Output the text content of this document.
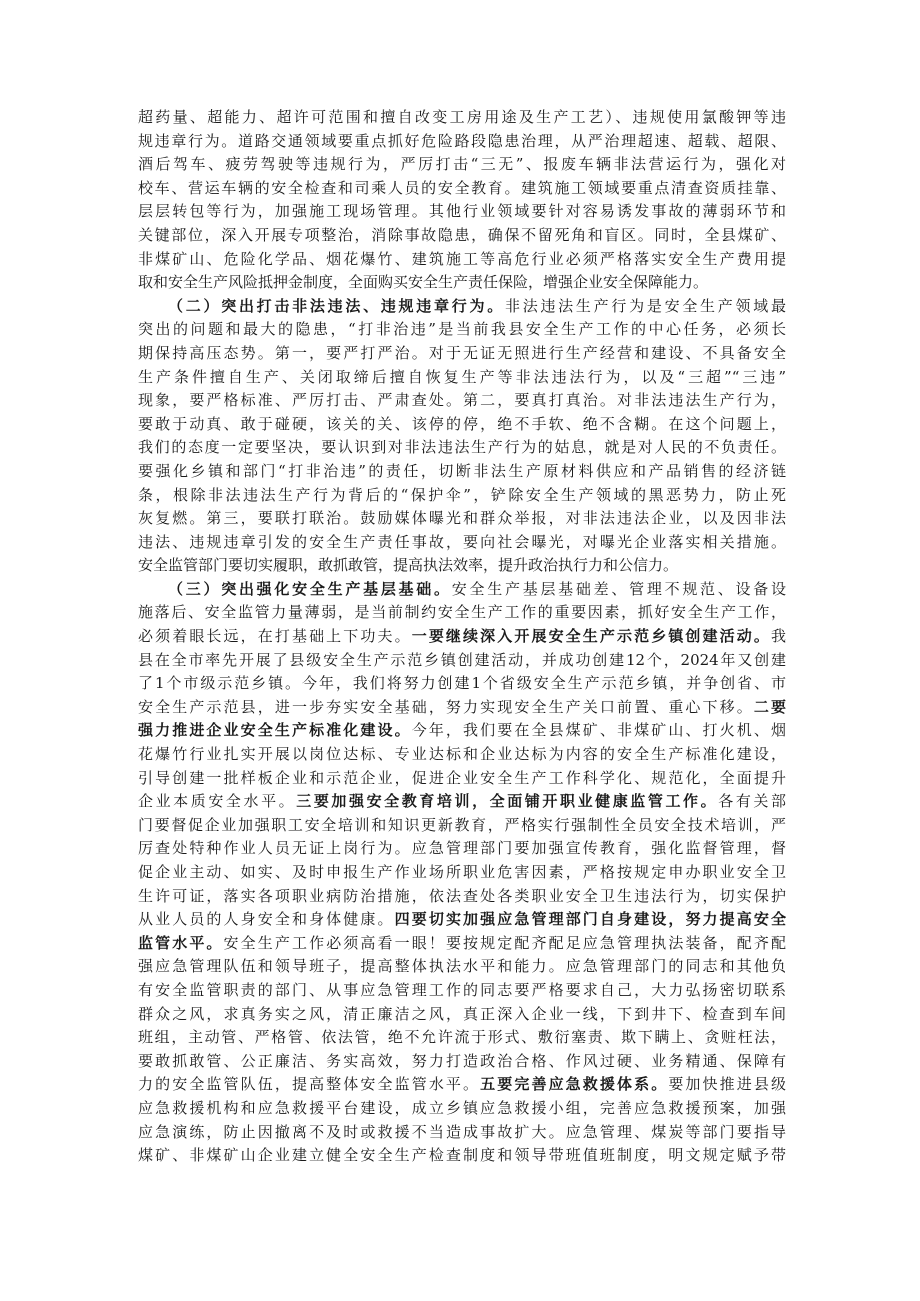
超药量、超能力、超许可范围和擅自改变工房用途及生产工艺）、违规使用氯酸钾等违
规违章行为。道路交通领域要重点抓好危险路段隐患治理，从严治理超速、超载、超限、
酒后驾车、疲劳驾驶等违规行为，严厉打击“三无”、报废车辆非法营运行为，强化对
校车、营运车辆的安全检查和司乘人员的安全教育。建筑施工领域要重点清查资质挂靠、
层层转包等行为，加强施工现场管理。其他行业领域要针对容易诱发事故的薄弱环节和
关键部位，深入开展专项整治，消除事故隐患，确保不留死角和盲区。同时，全县煤矿、
非煤矿山、危险化学品、烟花爆竹、建筑施工等高危行业必须严格落实安全生产费用提
取和安全生产风险抵押金制度，全面购买安全生产责任保险，增强企业安全保障能力。
（二）突出打击非法违法、违规违章行为。非法违法生产行为是安全生产领域最
突出的问题和最大的隐患，“打非治违”是当前我县安全生产工作的中心任务，必须长
期保持高压态势。第一，要严打严治。对于无证无照进行生产经营和建设、不具备安全
生产条件擅自生产、关闭取缔后擅自恢复生产等非法违法行为，以及“三超”“三违”
现象，要严格标准、严厉打击、严肃查处。第二，要真打真治。对非法违法生产行为，
要敢于动真、敢于碰硬，该关的关、该停的停，绝不手软、绝不含糊。在这个问题上，
我们的态度一定要坚决，要认识到对非法违法生产行为的姑息，就是对人民的不负责任。
要强化乡镇和部门“打非治违”的责任，切断非法生产原材料供应和产品销售的经济链
条，根除非法违法生产行为背后的“保护伞”，铲除安全生产领域的黑恶势力，防止死
灰复燃。第三，要联打联治。鼓励媒体曝光和群众举报，对非法违法企业，以及因非法
违法、违规违章引发的安全生产责任事故，要向社会曝光，对曝光企业落实相关措施。
安全监管部门要切实履职，敢抓敢管，提高执法效率，提升政治执行力和公信力。
（三）突出强化安全生产基层基础。安全生产基层基础差、管理不规范、设备设
施落后、安全监管力量薄弱，是当前制约安全生产工作的重要因素，抓好安全生产工作，
必须着眼长远，在打基础上下功夫。一要继续深入开展安全生产示范乡镇创建活动。我
县在全市率先开展了县级安全生产示范乡镇创建活动，并成功创建12个，2024年又创建
了1个市级示范乡镇。今年，我们将努力创建1个省级安全生产示范乡镇，并争创省、市
安全生产示范县，进一步夯实安全基础，努力实现安全生产关口前置、重心下移。二要
强力推进企业安全生产标准化建设。今年，我们要在全县煤矿、非煤矿山、打火机、烟
花爆竹行业扎实开展以岗位达标、专业达标和企业达标为内容的安全生产标准化建设，
引导创建一批样板企业和示范企业，促进企业安全生产工作科学化、规范化，全面提升
企业本质安全水平。三要加强安全教育培训，全面铺开职业健康监管工作。各有关部
门要督促企业加强职工安全培训和知识更新教育，严格实行强制性全员安全技术培训，严
厉查处特种作业人员无证上岗行为。应急管理部门要加强宣传教育，强化监督管理，督
促企业主动、如实、及时申报生产作业场所职业危害因素，严格按规定申办职业安全卫
生许可证，落实各项职业病防治措施，依法查处各类职业安全卫生违法行为，切实保护
从业人员的人身安全和身体健康。四要切实加强应急管理部门自身建设，努力提高安全
监管水平。安全生产工作必须高看一眼！要按规定配齐配足应急管理执法装备，配齐配
强应急管理队伍和领导班子，提高整体执法水平和能力。应急管理部门的同志和其他负
有安全监管职责的部门、从事应急管理工作的同志要严格要求自己，大力弘扬密切联系
群众之风，求真务实之风，清正廉洁之风，真正深入企业一线，下到井下、检查到车间
班组，主动管、严格管、依法管，绝不允许流于形式、敷衍塞责、欺下瞒上、贪赃枉法，
要敢抓敢管、公正廉洁、务实高效，努力打造政治合格、作风过硬、业务精通、保障有
力的安全监管队伍，提高整体安全监管水平。五要完善应急救援体系。要加快推进县级
应急救援机构和应急救援平台建设，成立乡镇应急救援小组，完善应急救援预案，加强
应急演练，防止因撤离不及时或救援不当造成事故扩大。应急管理、煤炭等部门要指导
煤矿、非煤矿山企业建立健全安全生产检查制度和领导带班值班制度，明文规定赋予带
